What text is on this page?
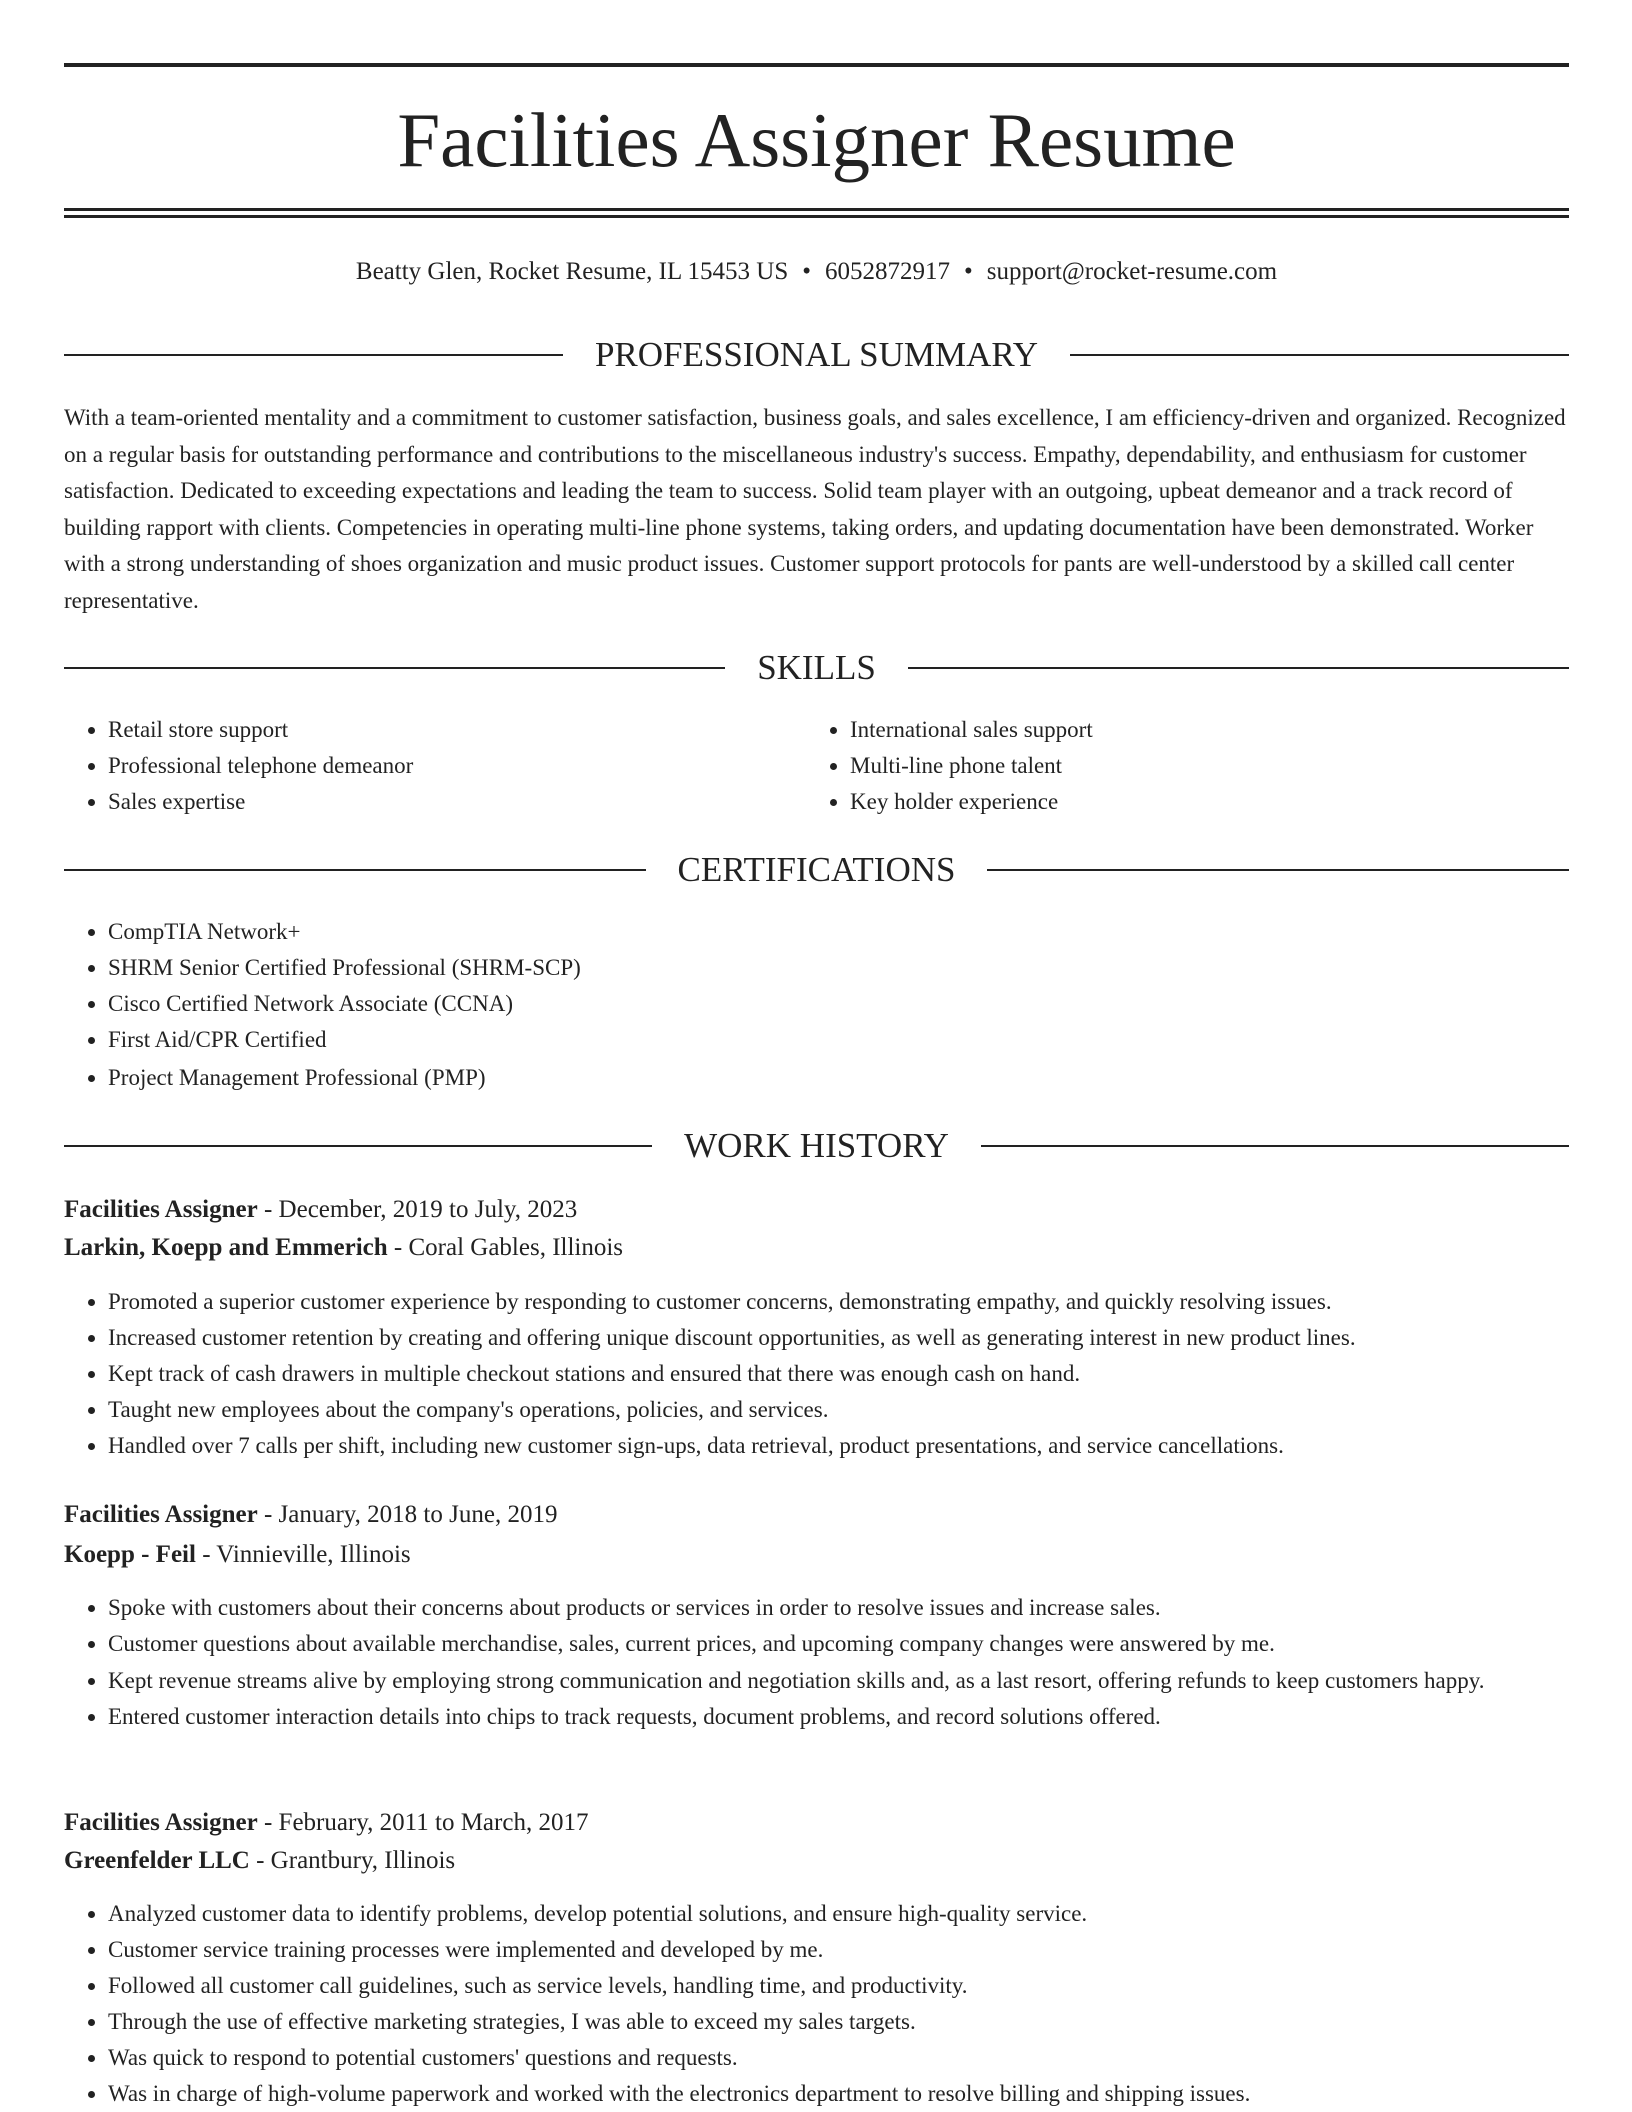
Facilities Assigner Resume
Beatty Glen, Rocket Resume, IL 15453 US • 6052872917 • support@rocket-resume.com
PROFESSIONAL SUMMARY

With a team-oriented mentality and a commitment to customer satisfaction, business goals, and sales excellence, I am efficiency-driven and organized. Recognized on a regular basis for outstanding performance and contributions to the miscellaneous industry's success. Empathy, dependability, and enthusiasm for customer satisfaction. Dedicated to exceeding expectations and leading the team to success. Solid team player with an outgoing, upbeat demeanor and a track record of building rapport with clients. Competencies in operating multi-line phone systems, taking orders, and updating documentation have been demonstrated. Worker with a strong understanding of shoes organization and music product issues. Customer support protocols for pants are well-understood by a skilled call center representative.

SKILLS
• Retail store support
• Professional telephone demeanor
• Sales expertise
• International sales support
• Multi-line phone talent
• Key holder experience
CERTIFICATIONS
• CompTIA Network+
• SHRM Senior Certified Professional (SHRM-SCP)
• Cisco Certified Network Associate (CCNA)
• First Aid/CPR Certified
• Project Management Professional (PMP)
WORK HISTORY
Facilities Assigner - December, 2019 to July, 2023
Larkin, Koepp and Emmerich - Coral Gables, Illinois
• Promoted a superior customer experience by responding to customer concerns, demonstrating empathy, and quickly resolving issues.
• Increased customer retention by creating and offering unique discount opportunities, as well as generating interest in new product lines.
• Kept track of cash drawers in multiple checkout stations and ensured that there was enough cash on hand.
• Taught new employees about the company's operations, policies, and services.
• Handled over 7 calls per shift, including new customer sign-ups, data retrieval, product presentations, and service cancellations.
Facilities Assigner - January, 2018 to June, 2019
Koepp - Feil - Vinnieville, Illinois
• Spoke with customers about their concerns about products or services in order to resolve issues and increase sales.
• Customer questions about available merchandise, sales, current prices, and upcoming company changes were answered by me.
• Kept revenue streams alive by employing strong communication and negotiation skills and, as a last resort, offering refunds to keep customers happy.
• Entered customer interaction details into chips to track requests, document problems, and record solutions offered.
Facilities Assigner - February, 2011 to March, 2017
Greenfelder LLC - Grantbury, Illinois
• Analyzed customer data to identify problems, develop potential solutions, and ensure high-quality service.
• Customer service training processes were implemented and developed by me.
• Followed all customer call guidelines, such as service levels, handling time, and productivity.
• Through the use of effective marketing strategies, I was able to exceed my sales targets.
• Was quick to respond to potential customers' questions and requests.
• Was in charge of high-volume paperwork and worked with the electronics department to resolve billing and shipping issues.
